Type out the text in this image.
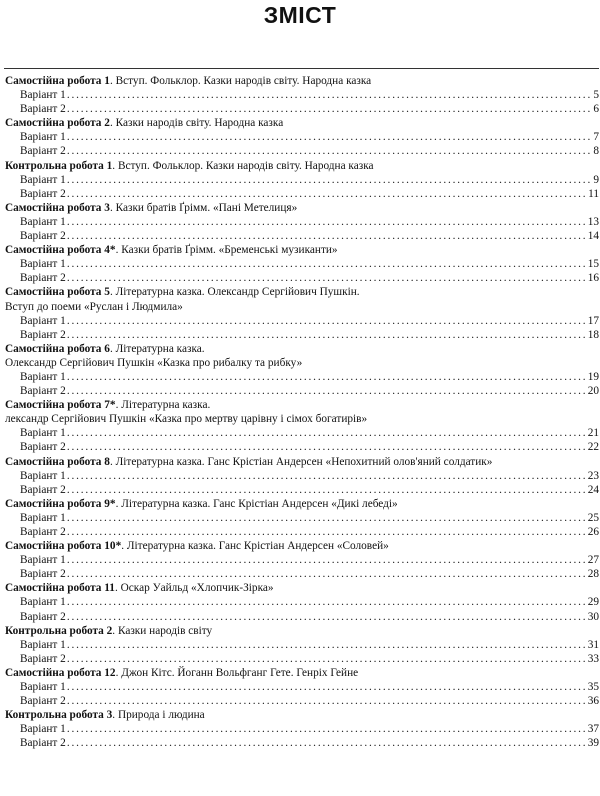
ЗМІСТ
Самостійна робота 1. Вступ. Фольклор. Казки народів світу. Народна казка
Варіант 1 . . .	5
Варіант 2 . . .	6
Самостійна робота 2. Казки народів світу. Народна казка
Варіант 1 . . .	7
Варіант 2 . . .	8
Контрольна робота 1. Вступ. Фольклор. Казки народів світу. Народна казка
Варіант 1 . . .	9
Варіант 2 . . .	11
Самостійна робота 3. Казки братів Ґрімм. «Пані Метелиця»
Варіант 1 . . .	13
Варіант 2 . . .	14
Самостійна робота 4*. Казки братів Ґрімм. «Бременські музиканти»
Варіант 1 . . .	15
Варіант 2 . . .	16
Самостійна робота 5. Літературна казка. Олександр Сергійович Пушкін.
Вступ до поеми «Руслан і Людмила»
Варіант 1 . . .	17
Варіант 2 . . .	18
Самостійна робота 6. Літературна казка.
Олександр Сергійович Пушкін «Казка про рибалку та рибку»
Варіант 1 . . .	19
Варіант 2 . . .	20
Самостійна робота 7*. Літературна казка.
лександр Сергійович Пушкін «Казка про мертву царівну і сімох богатирів»
Варіант 1 . . .	21
Варіант 2 . . .	22
Самостійна робота 8. Літературна казка. Ганс Крістіан Андерсен «Непохитний олов'яний солдатик»
Варіант 1 . . .	23
Варіант 2 . . .	24
Самостійна робота 9*. Літературна казка. Ганс Крістіан Андерсен «Дикі лебеді»
Варіант 1 . . .	25
Варіант 2 . . .	26
Самостійна робота 10*. Літературна казка. Ганс Крістіан Андерсен «Соловей»
Варіант 1 . . .	27
Варіант 2 . . .	28
Самостійна робота 11. Оскар Уайльд «Хлопчик-Зірка»
Варіант 1 . . .	29
Варіант 2 . . .	30
Контрольна робота 2. Казки народів світу
Варіант 1 . . .	31
Варіант 2 . . .	33
Самостійна робота 12. Джон Кітс. Йоганн Вольфганг Гете. Генріх Гейне
Варіант 1 . . .	35
Варіант 2 . . .	36
Контрольна робота 3. Природа і людина
Варіант 1 . . .	37
Варіант 2 . . .	39
